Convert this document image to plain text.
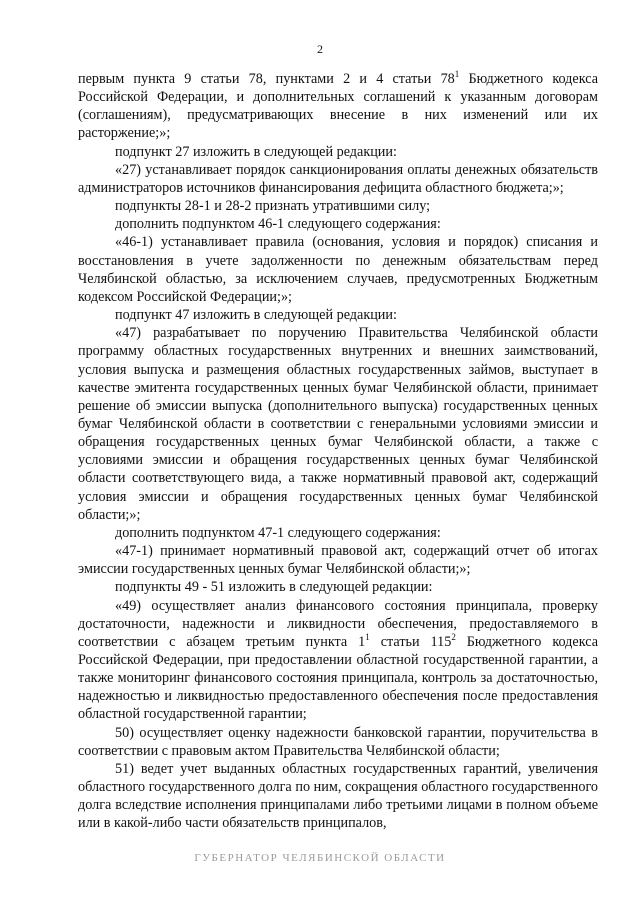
2

первым пункта 9 статьи 78, пунктами 2 и 4 статьи $78^1$ Бюджетного кодекса Российской Федерации, и дополнительных соглашений к указанным договорам (соглашениям), предусматривающих внесение в них изменений или их расторжение;»;

подпункт 27 изложить в следующей редакции:

«27) устанавливает порядок санкционирования оплаты денежных обязательств администраторов источников финансирования дефицита областного бюджета;»;

подпункты 28-1 и 28-2 признать утратившими силу;

дополнить подпунктом 46-1 следующего содержания:

«46-1) устанавливает правила (основания, условия и порядок) списания и восстановления в учете задолженности по денежным обязательствам перед Челябинской областью, за исключением случаев, предусмотренных Бюджетным кодексом Российской Федерации;»;

подпункт 47 изложить в следующей редакции:

«47) разрабатывает по поручению Правительства Челябинской области программу областных государственных внутренних и внешних заимствований, условия выпуска и размещения областных государственных займов, выступает в качестве эмитента государственных ценных бумаг Челябинской области, принимает решение об эмиссии выпуска (дополнительного выпуска) государственных ценных бумаг Челябинской области в соответствии с генеральными условиями эмиссии и обращения государственных ценных бумаг Челябинской области, а также с условиями эмиссии и обращения государственных ценных бумаг Челябинской области соответствующего вида, а также нормативный правовой акт, содержащий условия эмиссии и обращения государственных ценных бумаг Челябинской области;»;

дополнить подпунктом 47-1 следующего содержания:

«47-1) принимает нормативный правовой акт, содержащий отчет об итогах эмиссии государственных ценных бумаг Челябинской области;»;

подпункты 49 - 51 изложить в следующей редакции:

«49) осуществляет анализ финансового состояния принципала, проверку достаточности, надежности и ликвидности обеспечения, предоставляемого в соответствии с абзацем третьим пункта $1^1$ статьи $115^2$ Бюджетного кодекса Российской Федерации, при предоставлении областной государственной гарантии, а также мониторинг финансового состояния принципала, контроль за достаточностью, надежностью и ликвидностью предоставленного обеспечения после предоставления областной государственной гарантии;

50) осуществляет оценку надежности банковской гарантии, поручительства в соответствии с правовым актом Правительства Челябинской области;

51) ведет учет выданных областных государственных гарантий, увеличения областного государственного долга по ним, сокращения областного государственного долга вследствие исполнения принципалами либо третьими лицами в полном объеме или в какой-либо части обязательств принципалов,

ГУБЕРНАТОР ЧЕЛЯБИНСКОЙ ОБЛАСТИ
